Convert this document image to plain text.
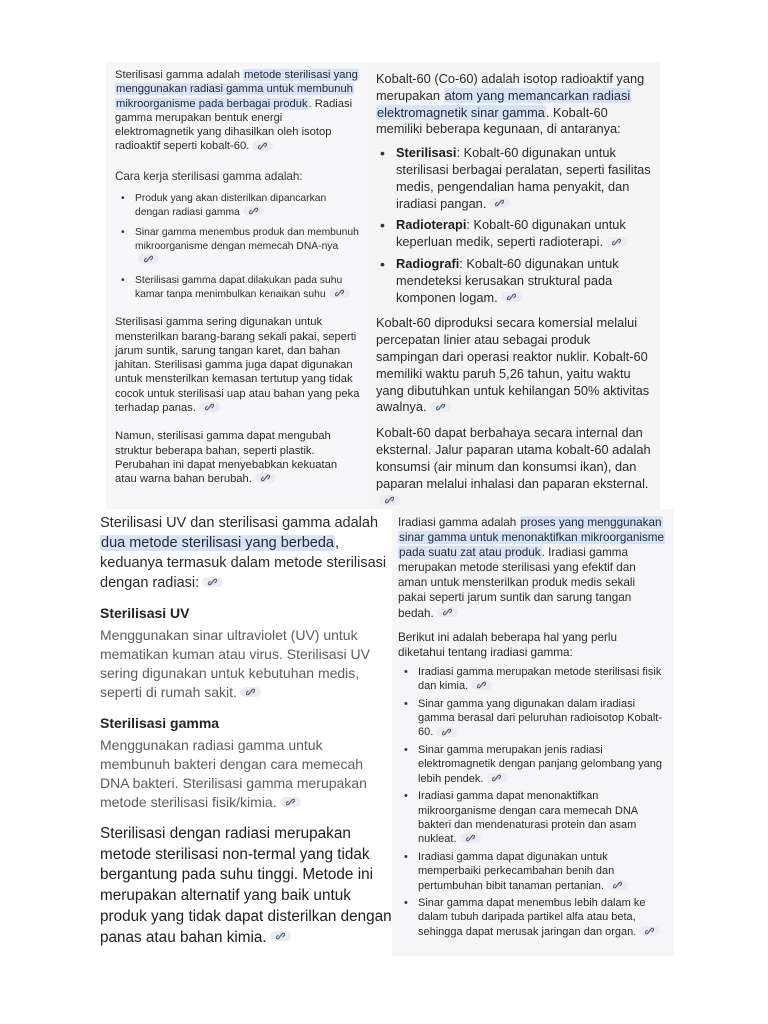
Sterilisasi gamma adalah metode sterilisasi yang menggunakan radiasi gamma untuk membunuh mikroorganisme pada berbagai produk. Radiasi gamma merupakan bentuk energi elektromagnetik yang dihasilkan oleh isotop radioaktif seperti kobalt-60.

Cara kerja sterilisasi gamma adalah:

• Produk yang akan disterilkan dipancarkan dengan radiasi gamma
• Sinar gamma menembus produk dan membunuh mikroorganisme dengan memecah DNA-nya
• Sterilisasi gamma dapat dilakukan pada suhu kamar tanpa menimbulkan kenaikan suhu

Sterilisasi gamma sering digunakan untuk mensterilkan barang-barang sekali pakai, seperti jarum suntik, sarung tangan karet, dan bahan jahitan. Sterilisasi gamma juga dapat digunakan untuk mensterilkan kemasan tertutup yang tidak cocok untuk sterilisasi uap atau bahan yang peka terhadap panas.

Namun, sterilisasi gamma dapat mengubah struktur beberapa bahan, seperti plastik. Perubahan ini dapat menyebabkan kekuatan atau warna bahan berubah.

Kobalt-60 (Co-60) adalah isotop radioaktif yang merupakan atom yang memancarkan radiasi elektromagnetik sinar gamma. Kobalt-60 memiliki beberapa kegunaan, di antaranya:

• Sterilisasi: Kobalt-60 digunakan untuk sterilisasi berbagai peralatan, seperti fasilitas medis, pengendalian hama penyakit, dan iradiasi pangan.
• Radioterapi: Kobalt-60 digunakan untuk keperluan medik, seperti radioterapi.
• Radiografi: Kobalt-60 digunakan untuk mendeteksi kerusakan struktural pada komponen logam.

Kobalt-60 diproduksi secara komersial melalui percepatan linier atau sebagai produk sampingan dari operasi reaktor nuklir. Kobalt-60 memiliki waktu paruh 5,26 tahun, yaitu waktu yang dibutuhkan untuk kehilangan 50% aktivitas awalnya.

Kobalt-60 dapat berbahaya secara internal dan eksternal. Jalur paparan utama kobalt-60 adalah konsumsi (air minum dan konsumsi ikan), dan paparan melalui inhalasi dan paparan eksternal.

Sterilisasi UV dan sterilisasi gamma adalah dua metode sterilisasi yang berbeda, keduanya termasuk dalam metode sterilisasi dengan radiasi:

Sterilisasi UV

Menggunakan sinar ultraviolet (UV) untuk mematikan kuman atau virus. Sterilisasi UV sering digunakan untuk kebutuhan medis, seperti di rumah sakit.

Sterilisasi gamma

Menggunakan radiasi gamma untuk membunuh bakteri dengan cara memecah DNA bakteri. Sterilisasi gamma merupakan metode sterilisasi fisik/kimia.

Sterilisasi dengan radiasi merupakan metode sterilisasi non-termal yang tidak bergantung pada suhu tinggi. Metode ini merupakan alternatif yang baik untuk produk yang tidak dapat disterilkan dengan panas atau bahan kimia.

Iradiasi gamma adalah proses yang menggunakan sinar gamma untuk menonaktifkan mikroorganisme pada suatu zat atau produk. Iradiasi gamma merupakan metode sterilisasi yang efektif dan aman untuk mensterilkan produk medis sekali pakai seperti jarum suntik dan sarung tangan bedah.

Berikut ini adalah beberapa hal yang perlu diketahui tentang iradiasi gamma:

• Iradiasi gamma merupakan metode sterilisasi fisik dan kimia.
• Sinar gamma yang digunakan dalam iradiasi gamma berasal dari peluruhan radioisotop Kobalt-60.
• Sinar gamma merupakan jenis radiasi elektromagnetik dengan panjang gelombang yang lebih pendek.
• Iradiasi gamma dapat menonaktifkan mikroorganisme dengan cara memecah DNA bakteri dan mendenaturasi protein dan asam nukleat.
• Iradiasi gamma dapat digunakan untuk memperbaiki perkecambahan benih dan pertumbuhan bibit tanaman pertanian.
• Sinar gamma dapat menembus lebih dalam ke dalam tubuh daripada partikel alfa atau beta, sehingga dapat merusak jaringan dan organ.
